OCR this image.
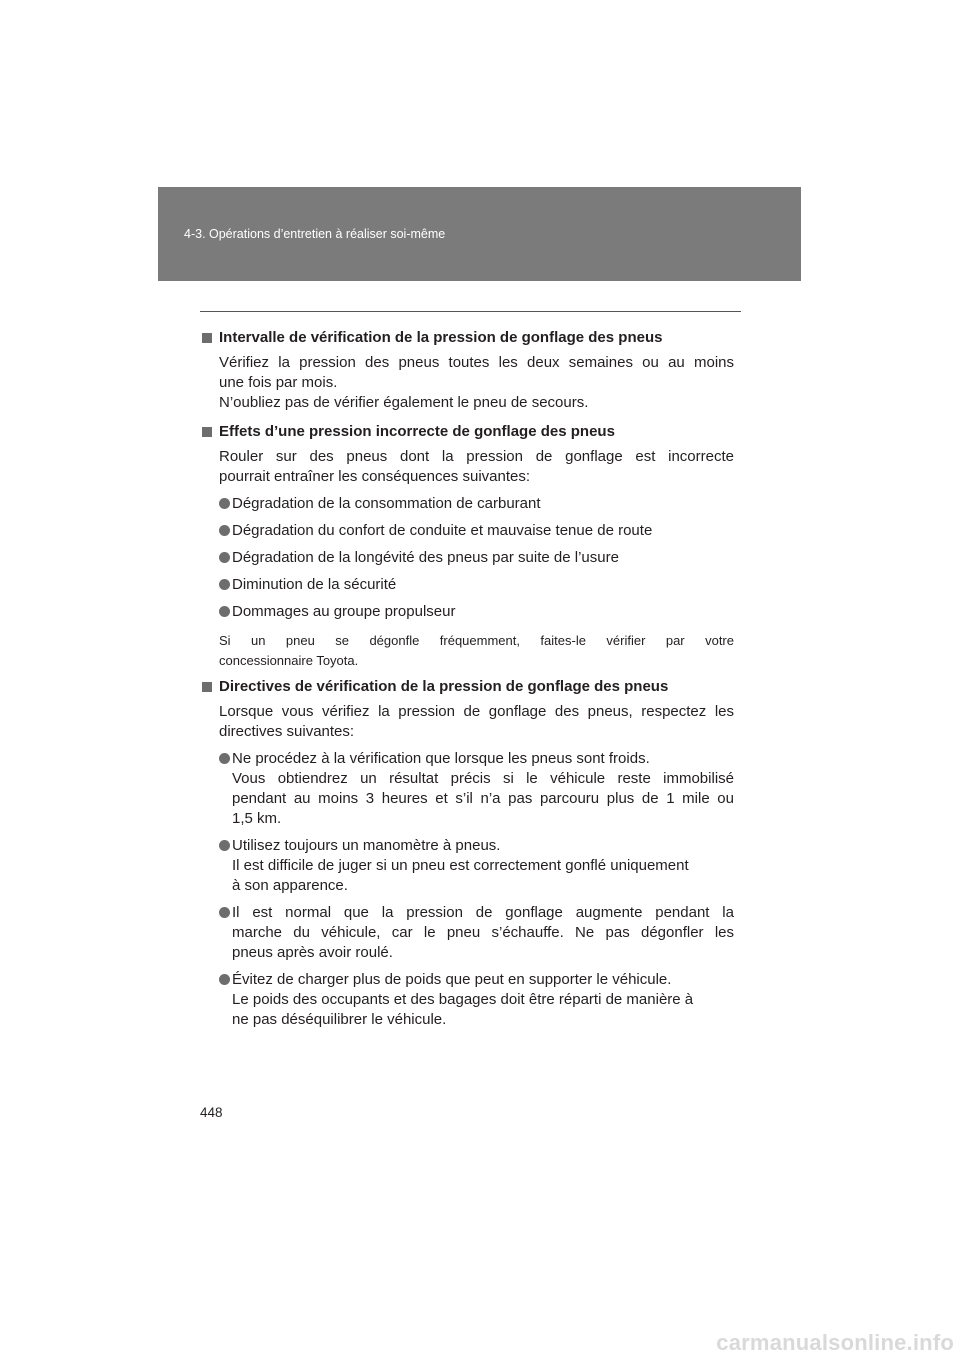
4-3. Opérations d’entretien à réaliser soi-même
Intervalle de vérification de la pression de gonflage des pneus
Vérifiez la pression des pneus toutes les deux semaines ou au moins
une fois par mois.
N’oubliez pas de vérifier également le pneu de secours.
Effets d’une pression incorrecte de gonflage des pneus
Rouler sur des pneus dont la pression de gonflage est incorrecte
pourrait entraîner les conséquences suivantes:
Dégradation de la consommation de carburant
Dégradation du confort de conduite et mauvaise tenue de route
Dégradation de la longévité des pneus par suite de l’usure
Diminution de la sécurité
Dommages au groupe propulseur
Si un pneu se dégonfle fréquemment, faites-le vérifier par votre
concessionnaire Toyota.
Directives de vérification de la pression de gonflage des pneus
Lorsque vous vérifiez la pression de gonflage des pneus, respectez les
directives suivantes:
Ne procédez à la vérification que lorsque les pneus sont froids.
Vous obtiendrez un résultat précis si le véhicule reste immobilisé
pendant au moins 3 heures et s’il n’a pas parcouru plus de 1 mile ou
1,5 km.
Utilisez toujours un manomètre à pneus.
Il est difficile de juger si un pneu est correctement gonflé uniquement
à son apparence.
Il est normal que la pression de gonflage augmente pendant la
marche du véhicule, car le pneu s’échauffe. Ne pas dégonfler les
pneus après avoir roulé.
Évitez de charger plus de poids que peut en supporter le véhicule.
Le poids des occupants et des bagages doit être réparti de manière à
ne pas déséquilibrer le véhicule.
448
carmanualsonline.info
